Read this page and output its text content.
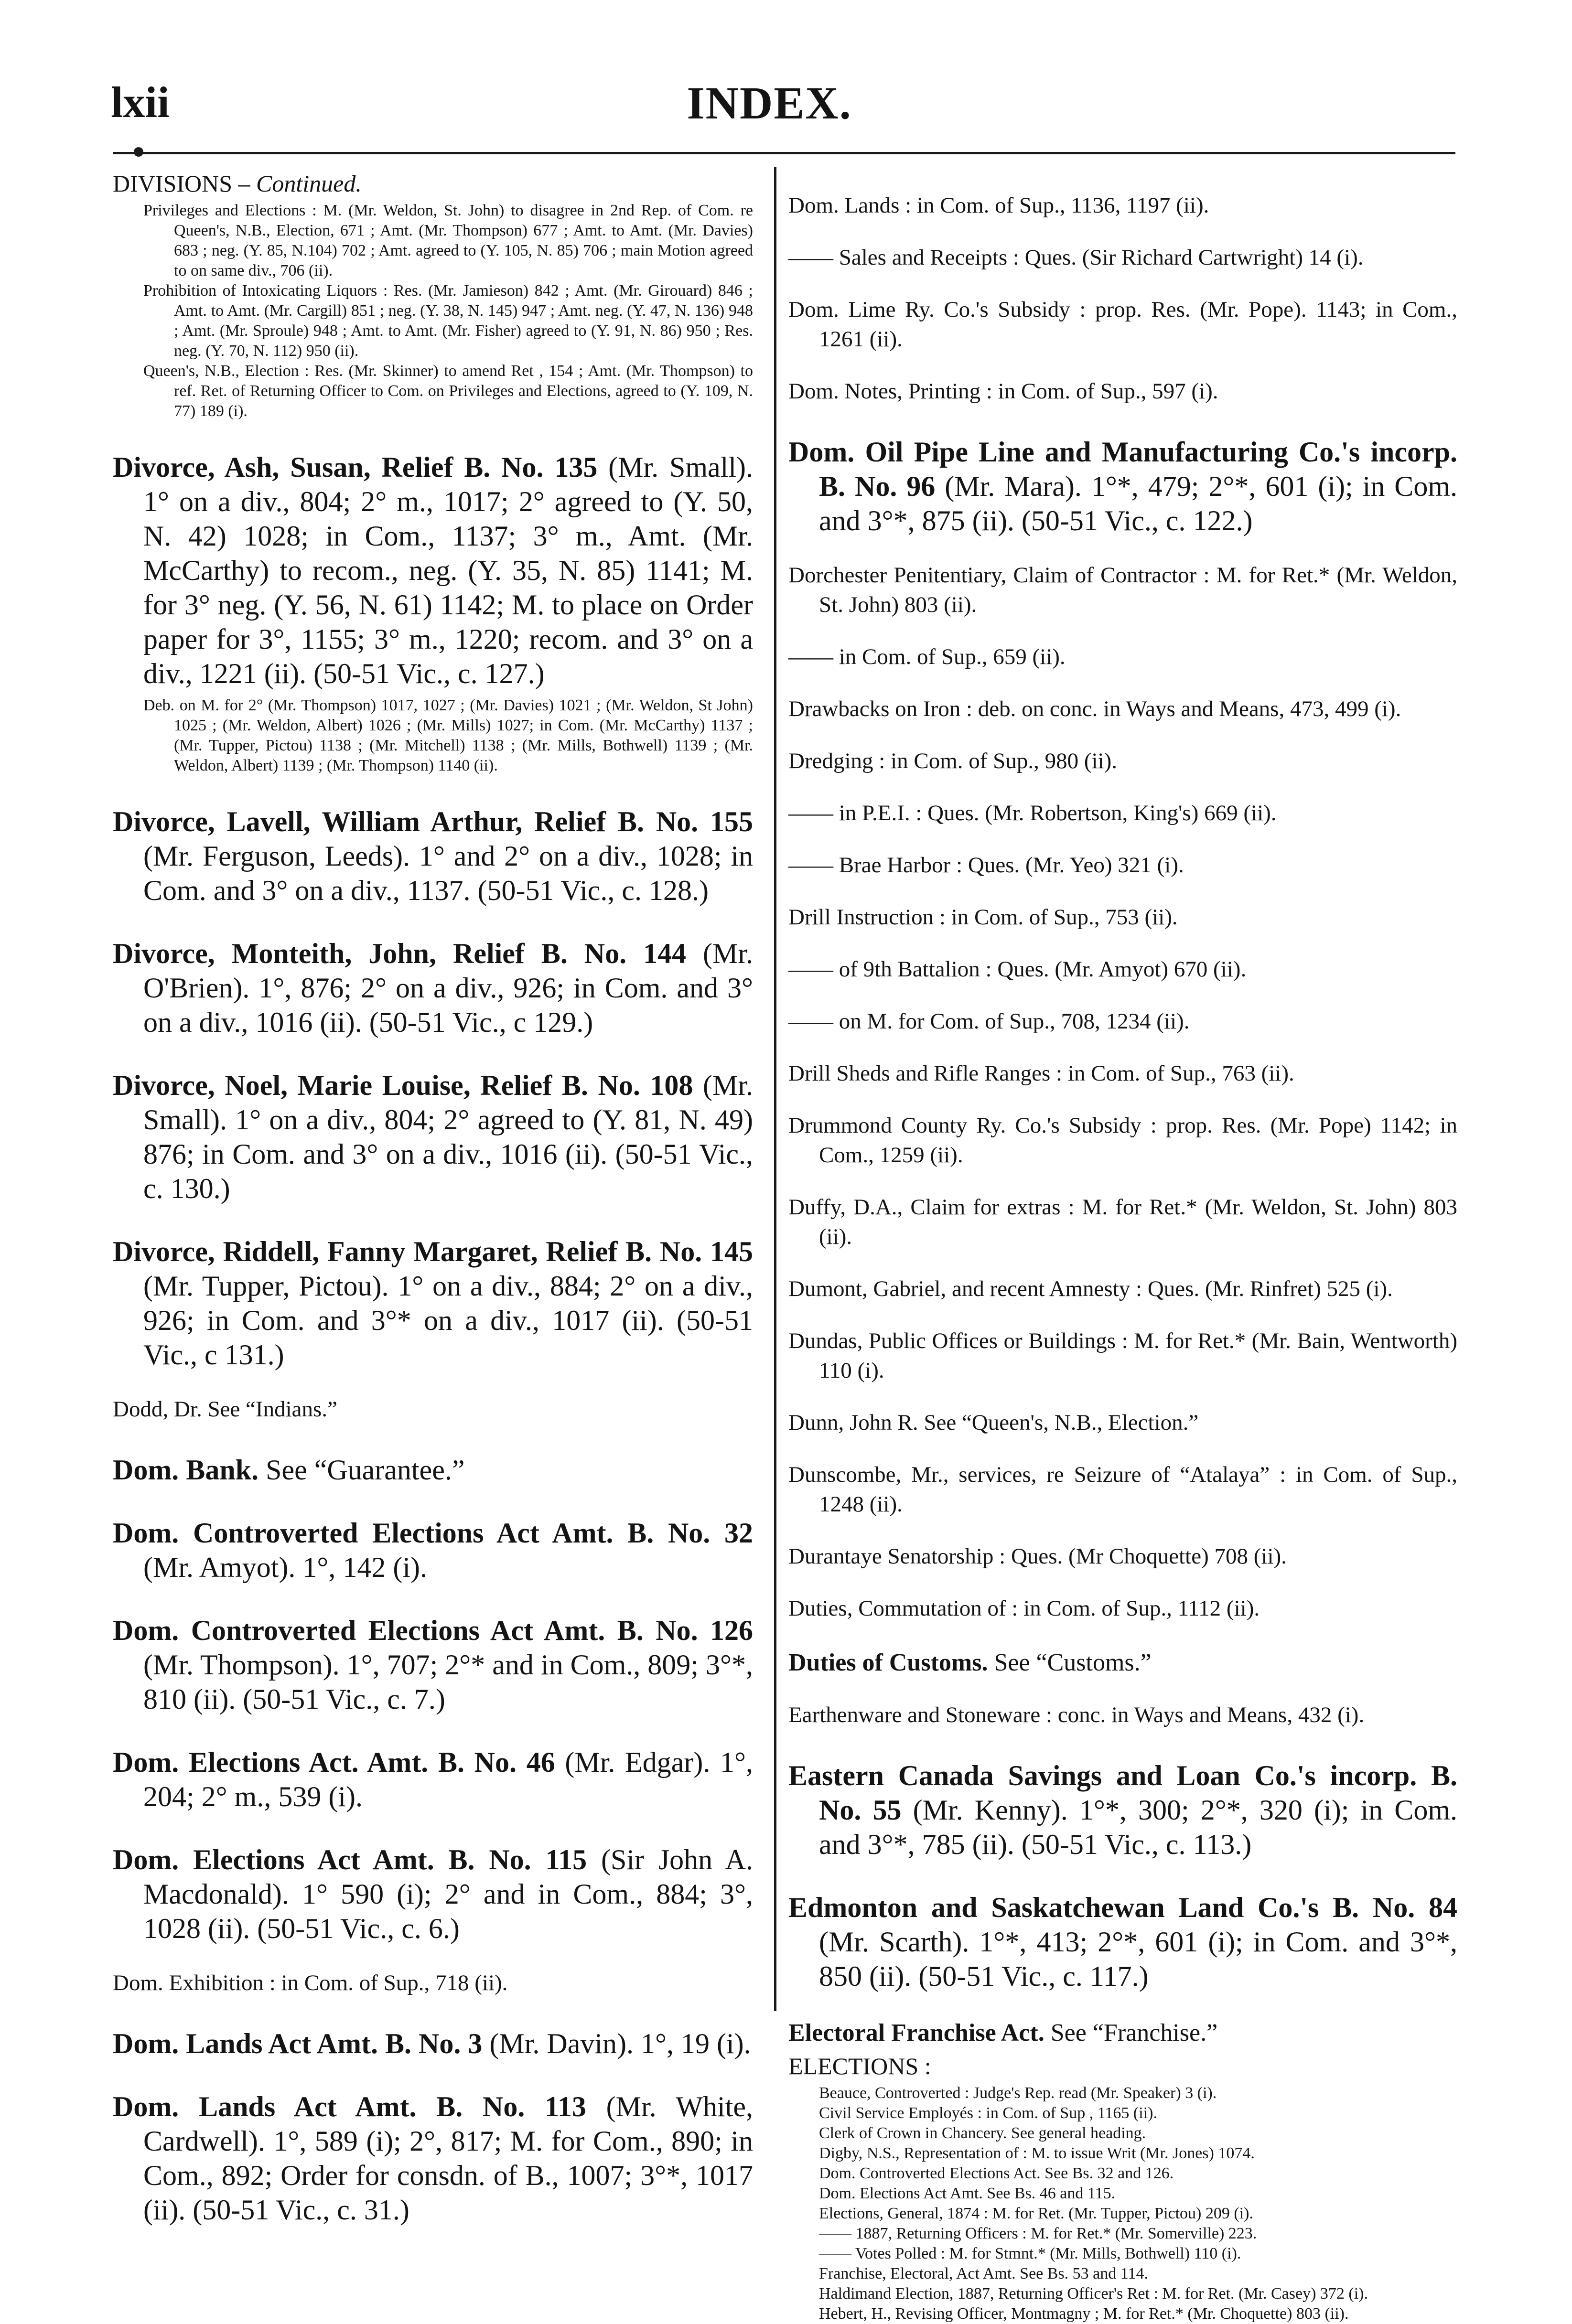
lxii	INDEX.

DIVISIONS – Continued.

Privileges and Elections : M. (Mr. Weldon, St. John) to disagree in 2nd Rep. of Com. re Queen's, N.B., Election, 671 ; Amt. (Mr. Thompson) 677 ; Amt. to Amt. (Mr. Davies) 683 ; neg. (Y. 85, N.104) 702 ; Amt. agreed to (Y. 105, N. 85) 706 ; main Motion agreed to on same div., 706 (ii).

Prohibition of Intoxicating Liquors : Res. (Mr. Jamieson) 842 ; Amt. (Mr. Girouard) 846 ; Amt. to Amt. (Mr. Cargill) 851 ; neg. (Y. 38, N. 145) 947 ; Amt. neg. (Y. 47, N. 136) 948 ; Amt. (Mr. Sproule) 948 ; Amt. to Amt. (Mr. Fisher) agreed to (Y. 91, N. 86) 950 ; Res. neg. (Y. 70, N. 112) 950 (ii).

Queen's, N.B., Election : Res. (Mr. Skinner) to amend Ret , 154 ; Amt. (Mr. Thompson) to ref. Ret. of Returning Officer to Com. on Privileges and Elections, agreed to (Y. 109, N. 77) 189 (i).

Divorce, Ash, Susan, Relief B. No. 135 (Mr. Small). 1° on a div., 804; 2° m., 1017; 2° agreed to (Y. 50, N. 42) 1028; in Com., 1137; 3° m., Amt. (Mr. McCarthy) to recom., neg. (Y. 35, N. 85) 1141; M. for 3° neg. (Y. 56, N. 61) 1142; M. to place on Order paper for 3°, 1155; 3° m., 1220; recom. and 3° on a div., 1221 (ii). (50-51 Vic., c. 127.)

Deb. on M. for 2° (Mr. Thompson) 1017, 1027 ; (Mr. Davies) 1021 ; (Mr. Weldon, St John) 1025 ; (Mr. Weldon, Albert) 1026 ; (Mr. Mills) 1027; in Com. (Mr. McCarthy) 1137 ; (Mr. Tupper, Pictou) 1138 ; (Mr. Mitchell) 1138 ; (Mr. Mills, Bothwell) 1139 ; (Mr. Weldon, Albert) 1139 ; (Mr. Thompson) 1140 (ii).

Divorce, Lavell, William Arthur, Relief B. No. 155 (Mr. Ferguson, Leeds). 1° and 2° on a div., 1028; in Com. and 3° on a div., 1137. (50-51 Vic., c. 128.)

Divorce, Monteith, John, Relief B. No. 144 (Mr. O'Brien). 1°, 876; 2° on a div., 926; in Com. and 3° on a div., 1016 (ii). (50-51 Vic., c 129.)

Divorce, Noel, Marie Louise, Relief B. No. 108 (Mr. Small). 1° on a div., 804; 2° agreed to (Y. 81, N. 49) 876; in Com. and 3° on a div., 1016 (ii). (50-51 Vic., c. 130.)

Divorce, Riddell, Fanny Margaret, Relief B. No. 145 (Mr. Tupper, Pictou). 1° on a div., 884; 2° on a div., 926; in Com. and 3°* on a div., 1017 (ii). (50-51 Vic., c 131.)

Dodd, Dr. See “Indians.”

Dom. Bank. See “Guarantee.”

Dom. Controverted Elections Act Amt. B. No. 32 (Mr. Amyot). 1°, 142 (i).

Dom. Controverted Elections Act Amt. B. No. 126 (Mr. Thompson). 1°, 707; 2°* and in Com., 809; 3°*, 810 (ii). (50-51 Vic., c. 7.)

Dom. Elections Act. Amt. B. No. 46 (Mr. Edgar). 1°, 204; 2° m., 539 (i).

Dom. Elections Act Amt. B. No. 115 (Sir John A. Macdonald). 1° 590 (i); 2° and in Com., 884; 3°, 1028 (ii). (50-51 Vic., c. 6.)

Dom. Exhibition : in Com. of Sup., 718 (ii).

Dom. Lands Act Amt. B. No. 3 (Mr. Davin). 1°, 19 (i).

Dom. Lands Act Amt. B. No. 113 (Mr. White, Cardwell). 1°, 589 (i); 2°, 817; M. for Com., 890; in Com., 892; Order for consdn. of B., 1007; 3°*, 1017 (ii). (50-51 Vic., c. 31.)

Dom. Lands : in Com. of Sup., 1136, 1197 (ii).

—— Sales and Receipts : Ques. (Sir Richard Cartwright) 14 (i).

Dom. Lime Ry. Co.'s Subsidy : prop. Res. (Mr. Pope). 1143; in Com., 1261 (ii).

Dom. Notes, Printing : in Com. of Sup., 597 (i).

Dom. Oil Pipe Line and Manufacturing Co.'s incorp. B. No. 96 (Mr. Mara). 1°*, 479; 2°*, 601 (i); in Com. and 3°*, 875 (ii). (50-51 Vic., c. 122.)

Dorchester Penitentiary, Claim of Contractor : M. for Ret.* (Mr. Weldon, St. John) 803 (ii).

—— in Com. of Sup., 659 (ii).

Drawbacks on Iron : deb. on conc. in Ways and Means, 473, 499 (i).

Dredging : in Com. of Sup., 980 (ii).

—— in P.E.I. : Ques. (Mr. Robertson, King's) 669 (ii).

—— Brae Harbor : Ques. (Mr. Yeo) 321 (i).

Drill Instruction : in Com. of Sup., 753 (ii).

—— of 9th Battalion : Ques. (Mr. Amyot) 670 (ii).

—— on M. for Com. of Sup., 708, 1234 (ii).

Drill Sheds and Rifle Ranges : in Com. of Sup., 763 (ii).

Drummond County Ry. Co.'s Subsidy : prop. Res. (Mr. Pope) 1142; in Com., 1259 (ii).

Duffy, D.A., Claim for extras : M. for Ret.* (Mr. Weldon, St. John) 803 (ii).

Dumont, Gabriel, and recent Amnesty : Ques. (Mr. Rinfret) 525 (i).

Dundas, Public Offices or Buildings : M. for Ret.* (Mr. Bain, Wentworth) 110 (i).

Dunn, John R. See “Queen's, N.B., Election.”

Dunscombe, Mr., services, re Seizure of “Atalaya” : in Com. of Sup., 1248 (ii).

Durantaye Senatorship : Ques. (Mr Choquette) 708 (ii).

Duties, Commutation of : in Com. of Sup., 1112 (ii).

Duties of Customs. See “Customs.”

Earthenware and Stoneware : conc. in Ways and Means, 432 (i).

Eastern Canada Savings and Loan Co.'s incorp. B. No. 55 (Mr. Kenny). 1°*, 300; 2°*, 320 (i); in Com. and 3°*, 785 (ii). (50-51 Vic., c. 113.)

Edmonton and Saskatchewan Land Co.'s B. No. 84 (Mr. Scarth). 1°*, 413; 2°*, 601 (i); in Com. and 3°*, 850 (ii). (50-51 Vic., c. 117.)

Electoral Franchise Act. See “Franchise.”

ELECTIONS :

Beauce, Controverted : Judge's Rep. read (Mr. Speaker) 3 (i).

Civil Service Employés : in Com. of Sup , 1165 (ii).

Clerk of Crown in Chancery. See general heading.

Digby, N.S., Representation of : M. to issue Writ (Mr. Jones) 1074.

Dom. Controverted Elections Act. See Bs. 32 and 126.

Dom. Elections Act Amt. See Bs. 46 and 115.

Elections, General, 1874 : M. for Ret. (Mr. Tupper, Pictou) 209 (i).

—— 1887, Returning Officers : M. for Ret.* (Mr. Somerville) 223.

—— Votes Polled : M. for Stmnt.* (Mr. Mills, Bothwell) 110 (i).

Franchise, Electoral, Act Amt. See Bs. 53 and 114.

Haldimand Election, 1887, Returning Officer's Ret : M. for Ret. (Mr. Casey) 372 (i).

Hebert, H., Revising Officer, Montmagny ; M. for Ret.* (Mr. Choquette) 803 (ii).
